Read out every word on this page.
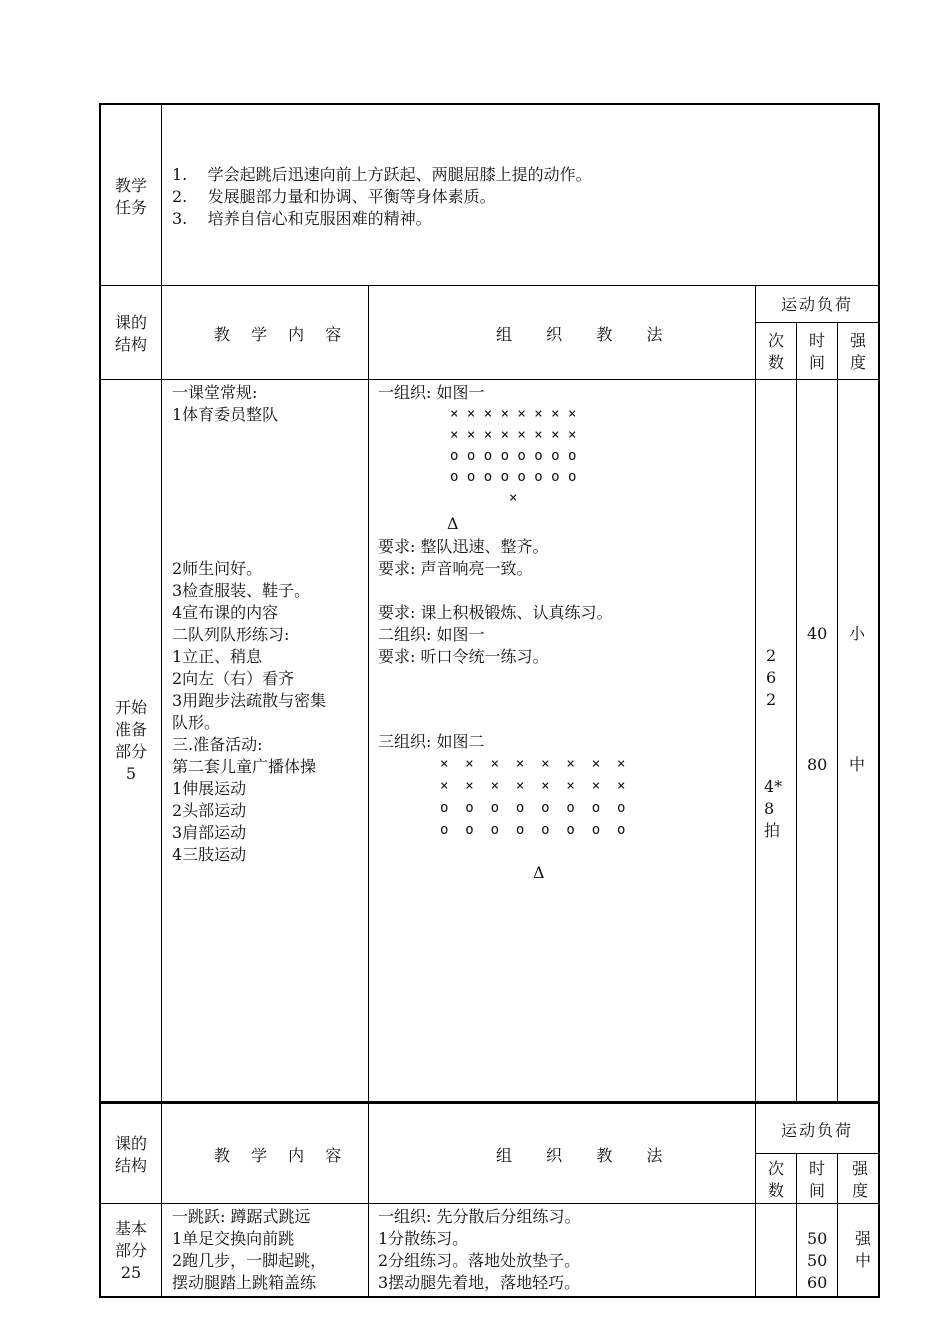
教学
任务
1.    学会起跳后迅速向前上方跃起、两腿屈膝上提的动作。
2.    发展腿部力量和协调、平衡等身体素质。
3.    培养自信心和克服困难的精神。
课的
结构
教 学 内 容	组  织  教  法
运动负荷
次
数
时
间
强
度
开始
准备
部分
5
一课堂常规:
1体育委员整队

2师生问好。
3检查服装、鞋子。
4宣布课的内容
二队列队形练习:
1立正、稍息
2向左（右）看齐
3用跑步法疏散与密集
队形。
三.准备活动:
第二套儿童广播体操
1伸展运动
2头部运动
3肩部运动
4三肢运动
一组织: 如图一
× × × × × × × ×
× × × × × × × ×
o o o o o o o o
o o o o o o o o
×
Δ
要求: 整队迅速、整齐。
要求: 声音响亮一致。

要求: 课上积极锻炼、认真练习。
二组织: 如图一
要求: 听口令统一练习。
三组织: 如图二
×  ×  ×  ×  ×  ×  ×  ×
×  ×  ×  ×  ×  ×  ×  ×
o  o  o  o  o  o  o  o
o  o  o  o  o  o  o  o
Δ
2
6
2
4*
8
拍
40
80
小
中
课的
结构
教 学 内 容	组  织  教  法
运动负荷
次
数
时
间
强
度
基本
部分
25
一跳跃: 蹲踞式跳远
1单足交换向前跳
2跑几步，一脚起跳，
摆动腿踏上跳箱盖练
一组织: 先分散后分组练习。
1分散练习。
2分组练习。落地处放垫子。
3摆动腿先着地，落地轻巧。
50
50
60
强
中
